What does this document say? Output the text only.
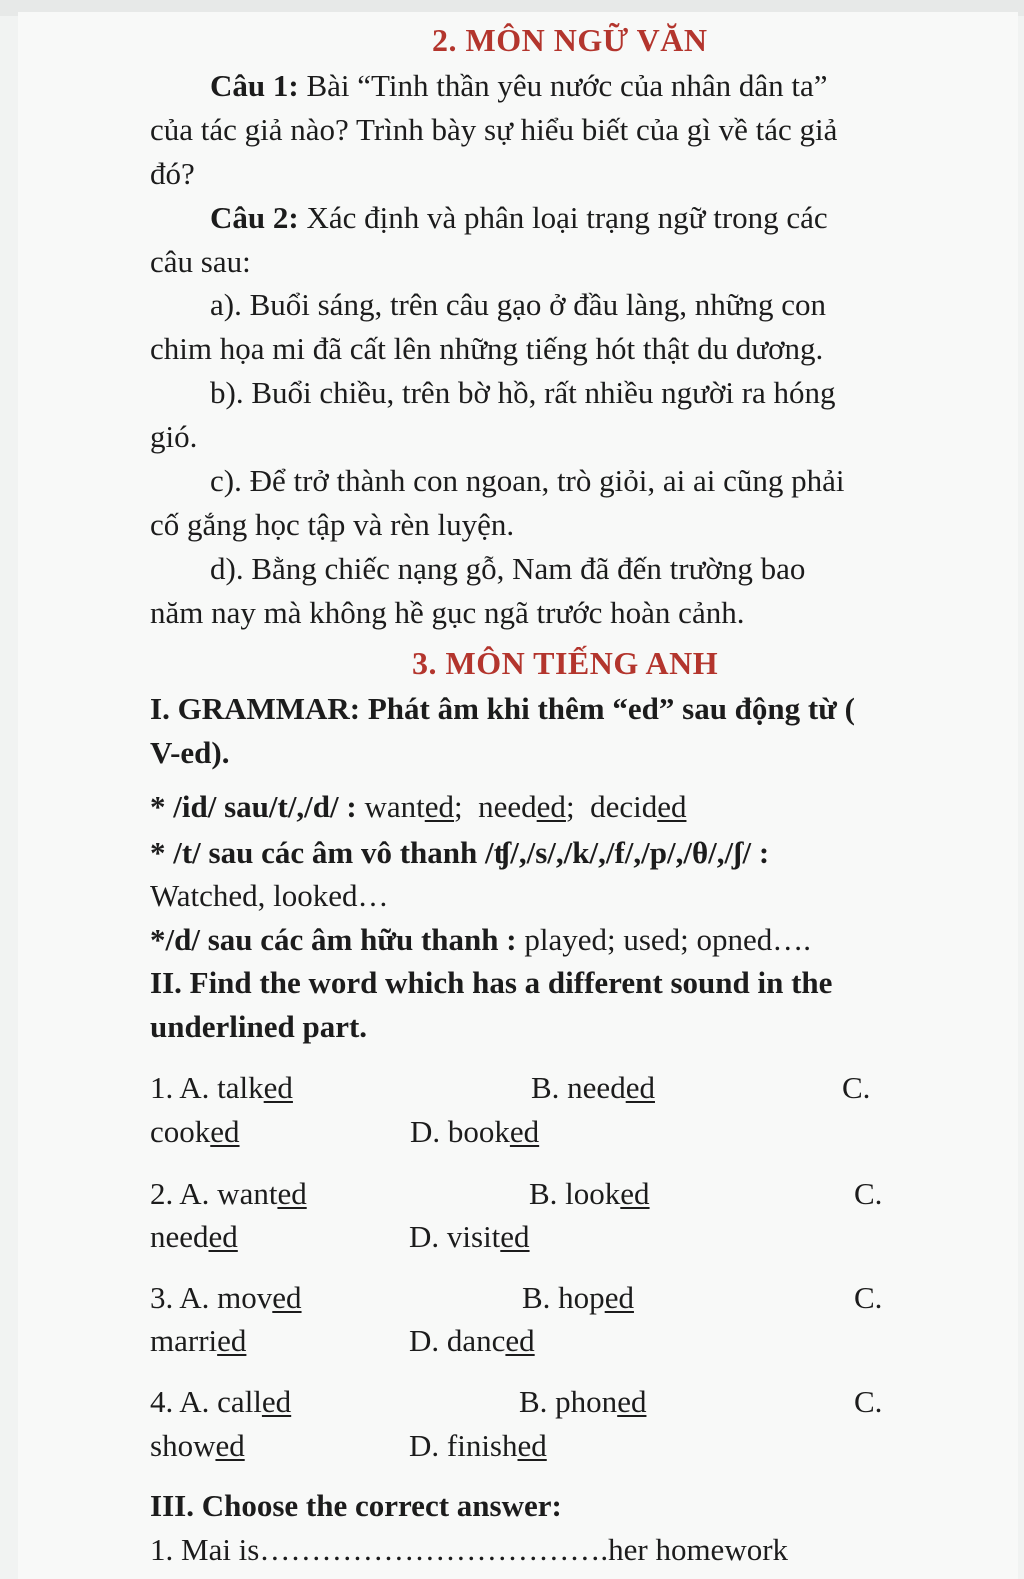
2. MÔN NGỮ VĂN
Câu 1: Bài “Tinh thần yêu nước của nhân dân ta”
của tác giả nào? Trình bày sự hiểu biết của gì về tác giả
đó?
Câu 2: Xác định và phân loại trạng ngữ trong các
câu sau:
a). Buổi sáng, trên câu gạo ở đầu làng, những con
chim họa mi đã cất lên những tiếng hót thật du dương.
b). Buổi chiều, trên bờ hồ, rất nhiều người ra hóng
gió.
c). Để trở thành con ngoan, trò giỏi, ai ai cũng phải
cố gắng học tập và rèn luyện.
d). Bằng chiếc nạng gỗ, Nam đã đến trường bao
năm nay mà không hề gục ngã trước hoàn cảnh.
3. MÔN TIẾNG ANH
I. GRAMMAR: Phát âm khi thêm “ed” sau động từ (
V-ed).
* /id/ sau/t/,/d/ : wanted;  needed;  decided
* /t/ sau các âm vô thanh /ʧ/,/s/,/k/,/f/,/p/,/θ/,/ʃ/ :
Watched, looked…
*/d/ sau các âm hữu thanh : played; used; opned….
II. Find the word which has a different sound in the
underlined part.
1. A. talked	B. needed	C.
cooked	D. booked
2. A. wanted	B. looked	C.
needed	D. visited
3. A. moved	B. hoped	C.
married	D. danced
4. A. called	B. phoned	C.
showed	D. finished
III. Choose the correct answer:
1. Mai is…………………………….her homework
